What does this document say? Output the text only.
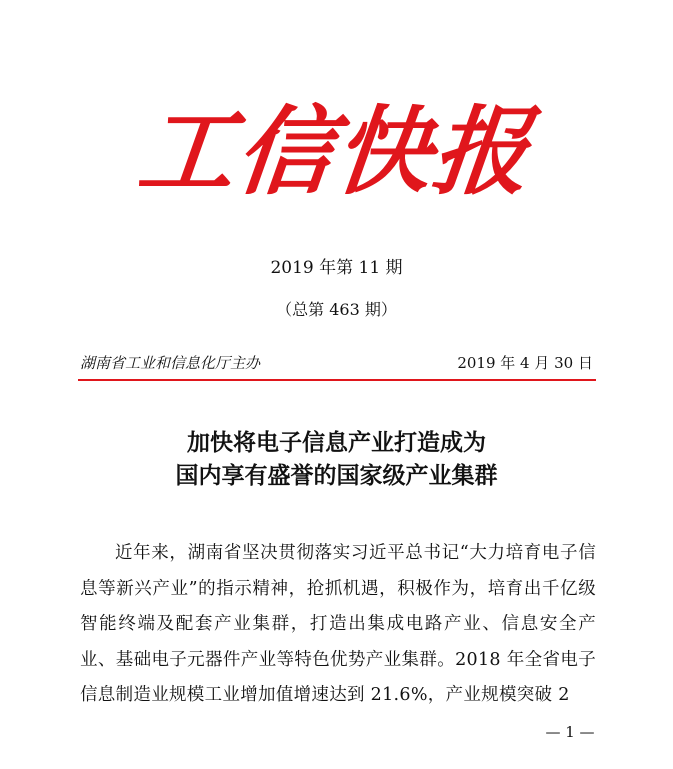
工信快报
2019 年第 11 期
（总第 463 期）
湖南省工业和信息化厅主办	2019 年 4 月 30 日
加快将电子信息产业打造成为
国内享有盛誉的国家级产业集群
近年来，湖南省坚决贯彻落实习近平总书记“大力培育电子信息等新兴产业”的指示精神，抢抓机遇，积极作为，培育出千亿级智能终端及配套产业集群，打造出集成电路产业、信息安全产业、基础电子元器件产业等特色优势产业集群。2018 年全省电子信息制造业规模工业增加值增速达到 21.6%，产业规模突破 2
— 1 —
